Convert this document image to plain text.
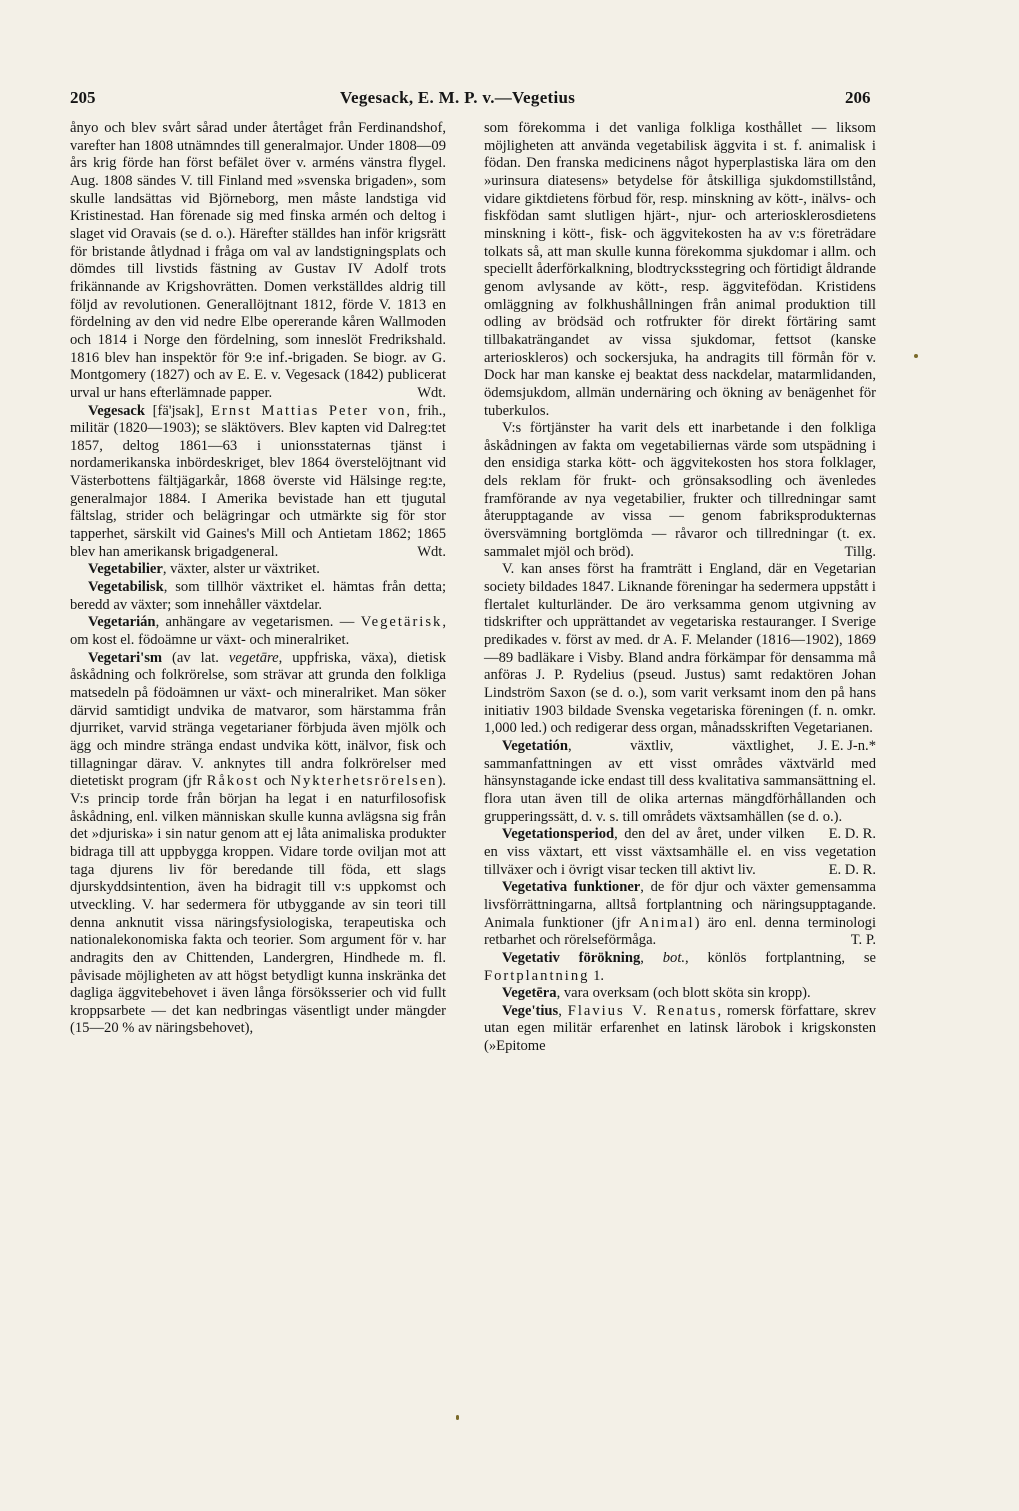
205	Vegesack, E. M. P. v.—Vegetius	206

ånyo och blev svårt sårad under återtåget från Ferdinandshof, varefter han 1808 utnämndes till generalmajor. Under 1808—09 års krig förde han först befälet över v. arméns vänstra flygel. Aug. 1808 sändes V. till Finland med »svenska brigaden», som skulle landsättas vid Björneborg, men måste landstiga vid Kristinestad. Han förenade sig med finska armén och deltog i slaget vid Oravais (se d. o.). Härefter ställdes han inför krigsrätt för bristande åtlydnad i fråga om val av landstigningsplats och dömdes till livstids fästning av Gustav IV Adolf trots frikännande av Krigshovrätten. Domen verkställdes aldrig till följd av revolutionen. Generallöjtnant 1812, förde V. 1813 en fördelning av den vid nedre Elbe opererande kåren Wallmoden och 1814 i Norge den fördelning, som inneslöt Fredrikshald. 1816 blev han inspektör för 9:e inf.-brigaden. Se biogr. av G. Montgomery (1827) och av E. E. v. Vegesack (1842) publicerat urval ur hans efterlämnade papper.	Wdt.

Vegesack [fä'jsak], Ernst Mattias Peter von, frih., militär (1820—1903); se släktövers. Blev kapten vid Dalreg:tet 1857, deltog 1861—63 i unionsstaternas tjänst i nordamerikanska inbördeskriget, blev 1864 överstelöjtnant vid Västerbottens fältjägarkår, 1868 överste vid Hälsinge reg:te, generalmajor 1884. I Amerika bevistade han ett tjugutal fältslag, strider och belägringar och utmärkte sig för stor tapperhet, särskilt vid Gaines's Mill och Antietam 1862; 1865 blev han amerikansk brigadgeneral.	Wdt.

Vegetabilier, växter, alster ur växtriket.

Vegetabilisk, som tillhör växtriket el. hämtas från detta; beredd av växter; som innehåller växtdelar.

Vegetarián, anhängare av vegetarismen. — Vegetärisk, om kost el. födoämne ur växt- och mineralriket.

Vegetari'sm (av lat. vegetāre, uppfriska, växa), dietisk åskådning och folkrörelse, som strävar att grunda den folkliga matsedeln på födoämnen ur växt- och mineralriket. Man söker därvid samtidigt undvika de matvaror, som härstamma från djurriket, varvid stränga vegetarianer förbjuda även mjölk och ägg och mindre stränga endast undvika kött, inälvor, fisk och tillagningar därav. V. anknytes till andra folkrörelser med dietetiskt program (jfr Råkost och Nykterhetsrörelsen). V:s princip torde från början ha legat i en naturfilosofisk åskådning, enl. vilken människan skulle kunna avlägsna sig från det »djuriska» i sin natur genom att ej låta animaliska produkter bidraga till att uppbygga kroppen. Vidare torde oviljan mot att taga djurens liv för beredande till föda, ett slags djurskyddsintention, även ha bidragit till v:s uppkomst och utveckling. V. har sedermera för utbyggande av sin teori till denna anknutit vissa näringsfysiologiska, terapeutiska och nationalekonomiska fakta och teorier. Som argument för v. har andragits den av Chittenden, Landergren, Hindhede m. fl. påvisade möjligheten av att högst betydligt kunna inskränka det dagliga äggvitebehovet i även långa försöksserier och vid fullt kroppsarbete — det kan nedbringas väsentligt under mängder (15—20 % av näringsbehovet),

som förekomma i det vanliga folkliga kosthållet — liksom möjligheten att använda vegetabilisk äggvita i st. f. animalisk i födan. Den franska medicinens något hyperplastiska lära om den »urinsura diatesens» betydelse för åtskilliga sjukdomstillstånd, vidare giktdietens förbud för, resp. minskning av kött-, inälvs- och fiskfödan samt slutligen hjärt-, njur- och arteriosklerosdietens minskning i kött-, fisk- och äggvitekosten ha av v:s företrädare tolkats så, att man skulle kunna förekomma sjukdomar i allm. och speciellt åderförkalkning, blodtrycksstegring och förtidigt åldrande genom avlysande av kött-, resp. äggvitefödan. Kristidens omläggning av folkhushållningen från animal produktion till odling av brödsäd och rotfrukter för direkt förtäring samt tillbakaträngandet av vissa sjukdomar, fettsot (kanske arterioskleros) och sockersjuka, ha andragits till förmån för v. Dock har man kanske ej beaktat dess nackdelar, matarmlidanden, ödemsjukdom, allmän undernäring och ökning av benägenhet för tuberkulos.

V:s förtjänster ha varit dels ett inarbetande i den folkliga åskådningen av fakta om vegetabiliernas värde som utspädning i den ensidiga starka kött- och äggvitekosten hos stora folklager, dels reklam för frukt- och grönsaksodling och ävenledes framförande av nya vegetabilier, frukter och tillredningar samt återupptagande av vissa — genom fabriksprodukternas översvämning bortglömda — råvaror och tillredningar (t. ex. sammalet mjöl och bröd).	Tillg.

V. kan anses först ha framträtt i England, där en Vegetarian society bildades 1847. Liknande föreningar ha sedermera uppstått i flertalet kulturländer. De äro verksamma genom utgivning av tidskrifter och upprättandet av vegetariska restauranger. I Sverige predikades v. först av med. dr A. F. Melander (1816—1902), 1869—89 badläkare i Visby. Bland andra förkämpar för densamma må anföras J. P. Rydelius (pseud. Justus) samt redaktören Johan Lindström Saxon (se d. o.), som varit verksamt inom den på hans initiativ 1903 bildade Svenska vegetariska föreningen (f. n. omkr. 1,000 led.) och redigerar dess organ, månadsskriften Vegetarianen.
J. E. J-n.*

Vegetatión, växtliv, växtlighet, sammanfattningen av ett visst områdes växtvärld med hänsynstagande icke endast till dess kvalitativa sammansättning el. flora utan även till de olika arternas mängdförhållanden och grupperingssätt, d. v. s. till områdets växtsamhällen (se d. o.).
E. D. R.

Vegetationsperiod, den del av året, under vilken en viss växtart, ett visst växtsamhälle el. en viss vegetation tillväxer och i övrigt visar tecken till aktivt liv.	E. D. R.

Vegetativa funktioner, de för djur och växter gemensamma livsförrättningarna, alltså fortplantning och näringsupptagande. Animala funktioner (jfr Animal) äro enl. denna terminologi retbarhet och rörelseförmåga.	T. P.

Vegetativ förökning, bot., könlös fortplantning, se Fortplantning 1.

Vegetēra, vara overksam (och blott sköta sin kropp).

Vege'tius, Flavius V. Renatus, romersk författare, skrev utan egen militär erfarenhet en latinsk lärobok i krigskonsten (»Epitome
